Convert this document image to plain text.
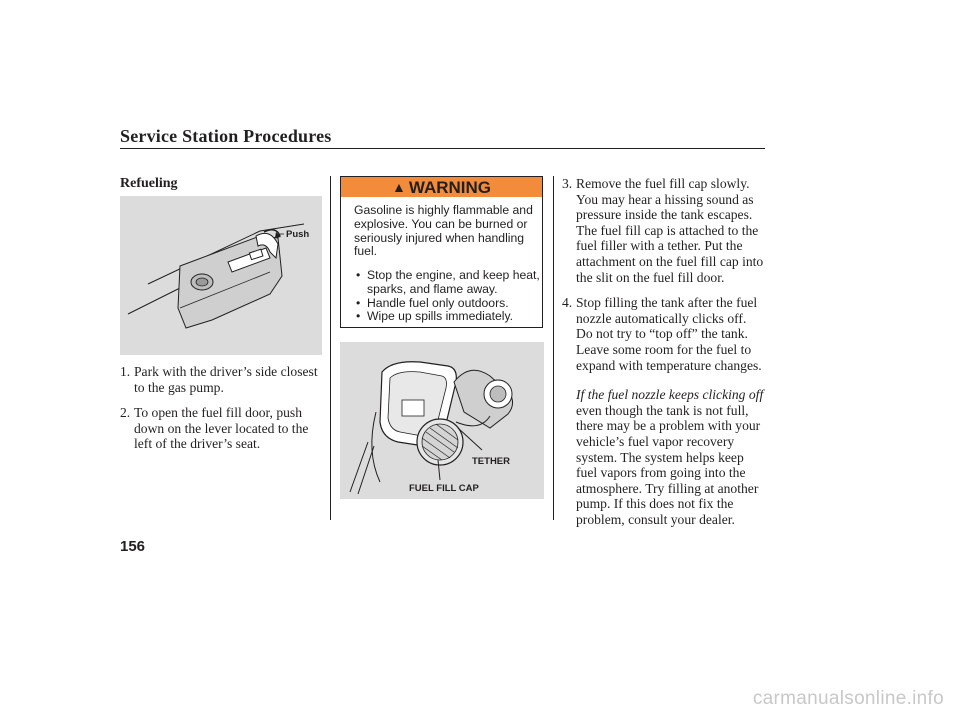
Service Station Procedures
Refueling
Push
1. Park with the driver’s side closest to the gas pump.
2. To open the fuel fill door, push down on the lever located to the left of the driver’s seat.
▲ WARNING
Gasoline is highly flammable and explosive. You can be burned or seriously injured when handling fuel.
• Stop the engine, and keep heat, sparks, and flame away.
• Handle fuel only outdoors.
• Wipe up spills immediately.
TETHER
FUEL FILL CAP
3. Remove the fuel fill cap slowly. You may hear a hissing sound as pressure inside the tank escapes. The fuel fill cap is attached to the fuel filler with a tether. Put the attachment on the fuel fill cap into the slit on the fuel fill door.
4. Stop filling the tank after the fuel nozzle automatically clicks off. Do not try to “top off” the tank. Leave some room for the fuel to expand with temperature changes.
If the fuel nozzle keeps clicking off
even though the tank is not full, there may be a problem with your vehicle’s fuel vapor recovery system. The system helps keep fuel vapors from going into the atmosphere. Try filling at another pump. If this does not fix the problem, consult your dealer.
156
carmanualsonline.info
